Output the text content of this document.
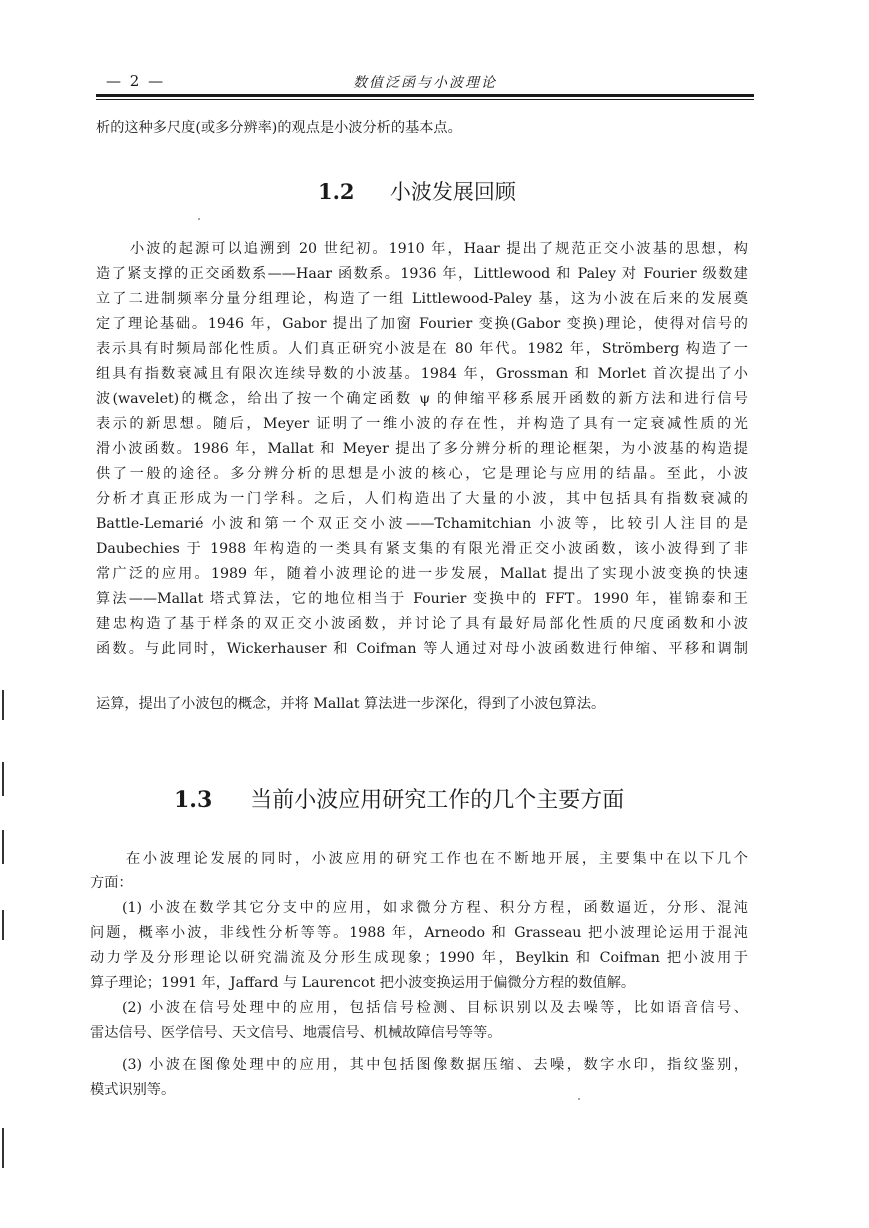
— 2 —	数值泛函与小波理论
析的这种多尺度(或多分辨率)的观点是小波分析的基本点。
1.2 小波发展回顾
小波的起源可以追溯到 20 世纪初。1910 年，Haar 提出了规范正交小波基的思想，构
造了紧支撑的正交函数系——Haar 函数系。1936 年，Littlewood 和 Paley 对 Fourier 级数建
立了二进制频率分量分组理论，构造了一组 Littlewood-Paley 基，这为小波在后来的发展奠
定了理论基础。1946 年，Gabor 提出了加窗 Fourier 变换(Gabor 变换)理论，使得对信号的
表示具有时频局部化性质。人们真正研究小波是在 80 年代。1982 年，Strömberg 构造了一
组具有指数衰减且有限次连续导数的小波基。1984 年，Grossman 和 Morlet 首次提出了小
波(wavelet)的概念，给出了按一个确定函数 ψ 的伸缩平移系展开函数的新方法和进行信号
表示的新思想。随后，Meyer 证明了一维小波的存在性，并构造了具有一定衰减性质的光
滑小波函数。1986 年，Mallat 和 Meyer 提出了多分辨分析的理论框架，为小波基的构造提
供了一般的途径。多分辨分析的思想是小波的核心，它是理论与应用的结晶。至此，小波
分析才真正形成为一门学科。之后，人们构造出了大量的小波，其中包括具有指数衰减的
Battle-Lemarié 小波和第一个双正交小波——Tchamitchian 小波等，比较引人注目的是
Daubechies 于 1988 年构造的一类具有紧支集的有限光滑正交小波函数，该小波得到了非
常广泛的应用。1989 年，随着小波理论的进一步发展，Mallat 提出了实现小波变换的快速
算法——Mallat 塔式算法，它的地位相当于 Fourier 变换中的 FFT。1990 年，崔锦泰和王
建忠构造了基于样条的双正交小波函数，并讨论了具有最好局部化性质的尺度函数和小波
函数。与此同时，Wickerhauser 和 Coifman 等人通过对母小波函数进行伸缩、平移和调制
运算，提出了小波包的概念，并将 Mallat 算法进一步深化，得到了小波包算法。
1.3 当前小波应用研究工作的几个主要方面
在小波理论发展的同时，小波应用的研究工作也在不断地开展，主要集中在以下几个
方面：
(1) 小波在数学其它分支中的应用，如求微分方程、积分方程，函数逼近，分形、混沌
问题，概率小波，非线性分析等等。1988 年，Arneodo 和 Grasseau 把小波理论运用于混沌
动力学及分形理论以研究湍流及分形生成现象；1990 年，Beylkin 和 Coifman 把小波用于
算子理论；1991 年，Jaffard 与 Laurencot 把小波变换运用于偏微分方程的数值解。
(2) 小波在信号处理中的应用，包括信号检测、目标识别以及去噪等，比如语音信号、
雷达信号、医学信号、天文信号、地震信号、机械故障信号等等。
(3) 小波在图像处理中的应用，其中包括图像数据压缩、去噪，数字水印，指纹鉴别，
模式识别等。
